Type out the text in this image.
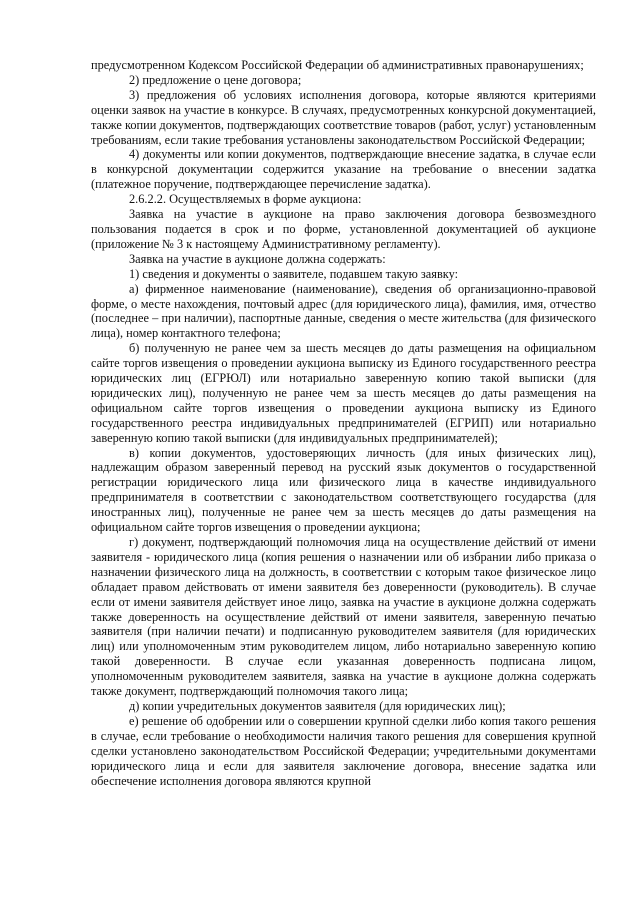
предусмотренном Кодексом Российской Федерации об административных правонарушениях;

2) предложение о цене договора;

3) предложения об условиях исполнения договора, которые являются критериями оценки заявок на участие в конкурсе. В случаях, предусмотренных конкурсной документацией, также копии документов, подтверждающих соответствие товаров (работ, услуг) установленным требованиям, если такие требования установлены законодательством Российской Федерации;

4) документы или копии документов, подтверждающие внесение задатка, в случае если в конкурсной документации содержится указание на требование о внесении задатка (платежное поручение, подтверждающее перечисление задатка).

2.6.2.2. Осуществляемых в форме аукциона:

Заявка на участие в аукционе на право заключения договора безвозмездного пользования подается в срок и по форме, установленной документацией об аукционе (приложение № 3 к настоящему Административному регламенту).

Заявка на участие в аукционе должна содержать:

1) сведения и документы о заявителе, подавшем такую заявку:

а) фирменное наименование (наименование), сведения об организационно-правовой форме, о месте нахождения, почтовый адрес (для юридического лица), фамилия, имя, отчество (последнее – при наличии), паспортные данные, сведения о месте жительства (для физического лица), номер контактного телефона;

б) полученную не ранее чем за шесть месяцев до даты размещения на официальном сайте торгов извещения о проведении аукциона выписку из Единого государственного реестра юридических лиц (ЕГРЮЛ) или нотариально заверенную копию такой выписки (для юридических лиц), полученную не ранее чем за шесть месяцев до даты размещения на официальном сайте торгов извещения о проведении аукциона выписку из Единого государственного реестра индивидуальных предпринимателей (ЕГРИП) или нотариально заверенную копию такой выписки (для индивидуальных предпринимателей);

в) копии документов, удостоверяющих личность (для иных физических лиц), надлежащим образом заверенный перевод на русский язык документов о государственной регистрации юридического лица или физического лица в качестве индивидуального предпринимателя в соответствии с законодательством соответствующего государства (для иностранных лиц), полученные не ранее чем за шесть месяцев до даты размещения на официальном сайте торгов извещения о проведении аукциона;

г) документ, подтверждающий полномочия лица на осуществление действий от имени заявителя - юридического лица (копия решения о назначении или об избрании либо приказа о назначении физического лица на должность, в соответствии с которым такое физическое лицо обладает правом действовать от имени заявителя без доверенности (руководитель). В случае если от имени заявителя действует иное лицо, заявка на участие в аукционе должна содержать также доверенность на осуществление действий от имени заявителя, заверенную печатью заявителя (при наличии печати) и подписанную руководителем заявителя (для юридических лиц) или уполномоченным этим руководителем лицом, либо нотариально заверенную копию такой доверенности. В случае если указанная доверенность подписана лицом, уполномоченным руководителем заявителя, заявка на участие в аукционе должна содержать также документ, подтверждающий полномочия такого лица;

д) копии учредительных документов заявителя (для юридических лиц);

е) решение об одобрении или о совершении крупной сделки либо копия такого решения в случае, если требование о необходимости наличия такого решения для совершения крупной сделки установлено законодательством Российской Федерации; учредительными документами юридического лица и если для заявителя заключение договора, внесение задатка или обеспечение исполнения договора являются крупной
